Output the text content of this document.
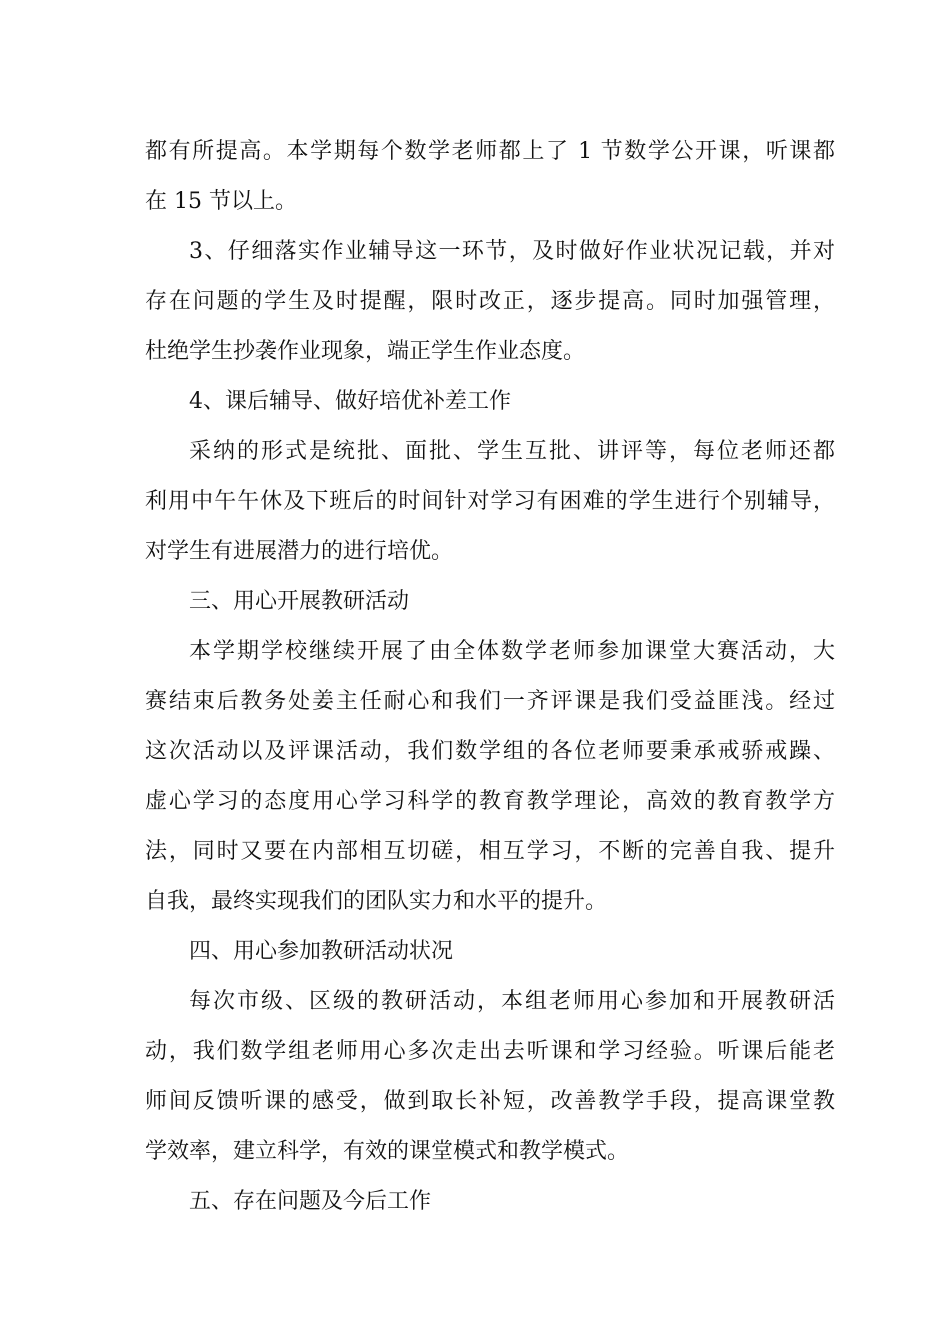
都有所提高。本学期每个数学老师都上了 1 节数学公开课，听课都
在 15 节以上。
3、仔细落实作业辅导这一环节，及时做好作业状况记载，并对
存在问题的学生及时提醒，限时改正，逐步提高。同时加强管理，
杜绝学生抄袭作业现象，端正学生作业态度。
4、课后辅导、做好培优补差工作
采纳的形式是统批、面批、学生互批、讲评等，每位老师还都
利用中午午休及下班后的时间针对学习有困难的学生进行个别辅导，
对学生有进展潜力的进行培优。
三、用心开展教研活动
本学期学校继续开展了由全体数学老师参加课堂大赛活动，大
赛结束后教务处姜主任耐心和我们一齐评课是我们受益匪浅。经过
这次活动以及评课活动，我们数学组的各位老师要秉承戒骄戒躁、
虚心学习的态度用心学习科学的教育教学理论，高效的教育教学方
法，同时又要在内部相互切磋，相互学习，不断的完善自我、提升
自我，最终实现我们的团队实力和水平的提升。
四、用心参加教研活动状况
每次市级、区级的教研活动，本组老师用心参加和开展教研活
动，我们数学组老师用心多次走出去听课和学习经验。听课后能老
师间反馈听课的感受，做到取长补短，改善教学手段，提高课堂教
学效率，建立科学，有效的课堂模式和教学模式。
五、存在问题及今后工作
